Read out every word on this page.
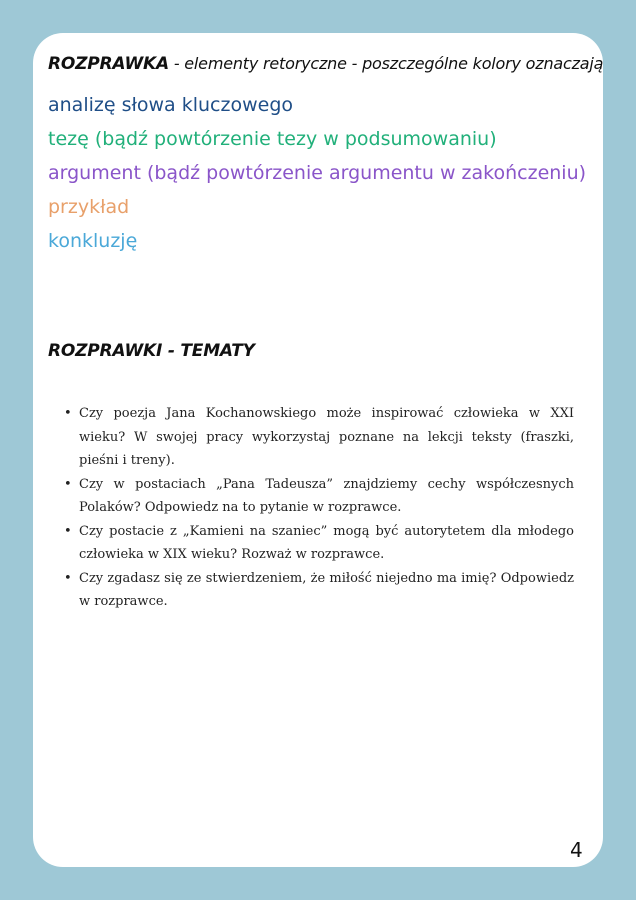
ROZPRAWKA - elementy retoryczne - poszczególne kolory oznaczają
analizę słowa kluczowego
tezę (bądź powtórzenie tezy w podsumowaniu)
argument (bądź powtórzenie argumentu w zakończeniu)
przykład
konkluzję
ROZPRAWKI - TEMATY
• Czy poezja Jana Kochanowskiego może inspirować człowieka w XXI wieku? W swojej pracy wykorzystaj poznane na lekcji teksty (fraszki, pieśni i treny).
• Czy w postaciach „Pana Tadeusza” znajdziemy cechy współczesnych Polaków? Odpowiedz na to pytanie w rozprawce.
• Czy postacie z „Kamieni na szaniec” mogą być autorytetem dla młodego człowieka w XIX wieku? Rozważ w rozprawce.
• Czy zgadasz się ze stwierdzeniem, że miłość niejedno ma imię? Odpowiedz w rozprawce.
4
